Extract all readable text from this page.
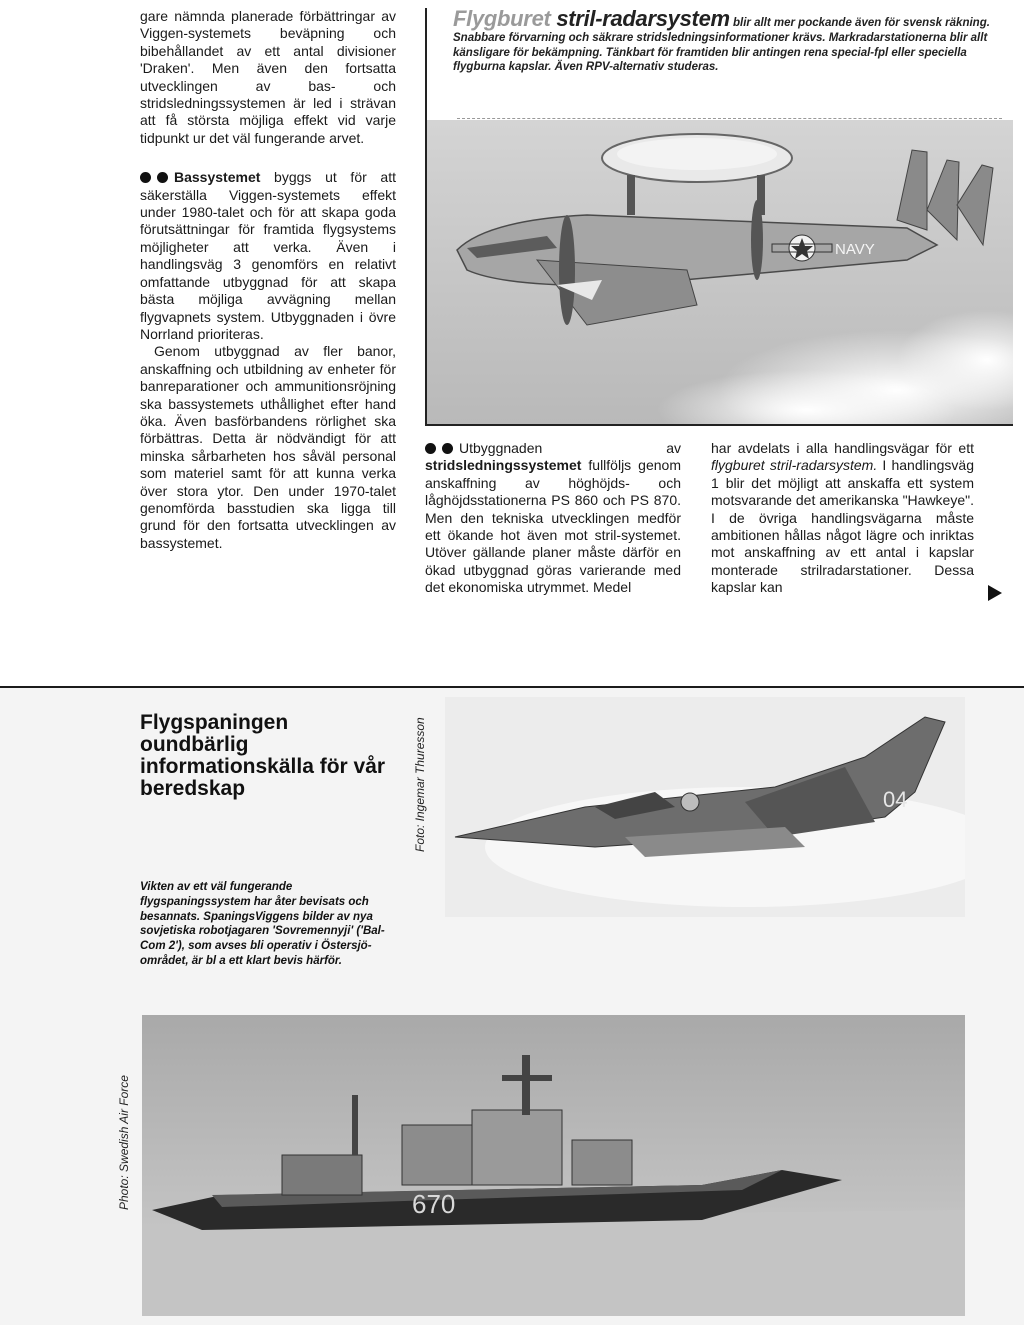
gare nämnda planerade förbättringar av Viggen-systemets beväpning och bibehållandet av ett antal divisioner 'Draken'. Men även den fortsatta utvecklingen av bas- och stridsledningssystemen är led i strävan att få största möjliga effekt vid varje tidpunkt ur det väl fungerande arvet.

Bassystemet byggs ut för att säkerställa Viggen-systemets effekt under 1980-talet och för att skapa goda förutsättningar för framtida flygsystems möjligheter att verka. Även i handlingsväg 3 genomförs en relativt omfattande utbyggnad för att skapa bästa möjliga avvägning mellan flygvapnets system. Utbyggnaden i övre Norrland prioriteras.

Genom utbyggnad av fler banor, anskaffning och utbildning av enheter för banreparationer och ammunitionsröjning ska bassystemets uthållighet efter hand öka. Även basförbandens rörlighet ska förbättras. Detta är nödvändigt för att minska sårbarheten hos såväl personal som materiel samt för att kunna verka över stora ytor. Den under 1970-talet genomförda basstudien ska ligga till grund för den fortsatta utvecklingen av bassystemet.

Flygburet stril-radarsystem blir allt mer pockande även för svensk räkning. Snabbare förvarning och säkrare stridsledningsinformationer krävs. Markradarstationerna blir allt känsligare för bekämpning. Tänkbart för framtiden blir antingen rena special-fpl eller speciella flygburna kapslar. Även RPV-alternativ studeras.
NAVY

Utbyggnaden av stridsledningssystemet fullföljs genom anskaffning av höghöjds- och låghöjdsstationerna PS 860 och PS 870. Men den tekniska utvecklingen medför ett ökande hot även mot stril-systemet. Utöver gällande planer måste därför en ökad utbyggnad göras varierande med det ekonomiska utrymmet. Medel

har avdelats i alla handlingsvägar för ett flygburet stril-radarsystem. I handlingsväg 1 blir det möjligt att anskaffa ett system motsvarande det amerikanska "Hawkeye". I de övriga handlingsvägarna måste ambitionen hållas något lägre och inriktas mot anskaffning av ett antal i kapslar monterade strilradarstationer. Dessa kapslar kan

Flygspaningen oundbärlig informationskälla för vår beredskap
Vikten av ett väl fungerande flygspaningssystem har åter bevisats och besannats. SpaningsViggens bilder av nya sovjetiska robotjagaren 'Sovremennyji' ('Bal-Com 2'), som avses bli operativ i Östersjö-området, är bl a ett klart bevis härför.
Foto: Ingemar Thuresson
Photo: Swedish Air Force
04
670
